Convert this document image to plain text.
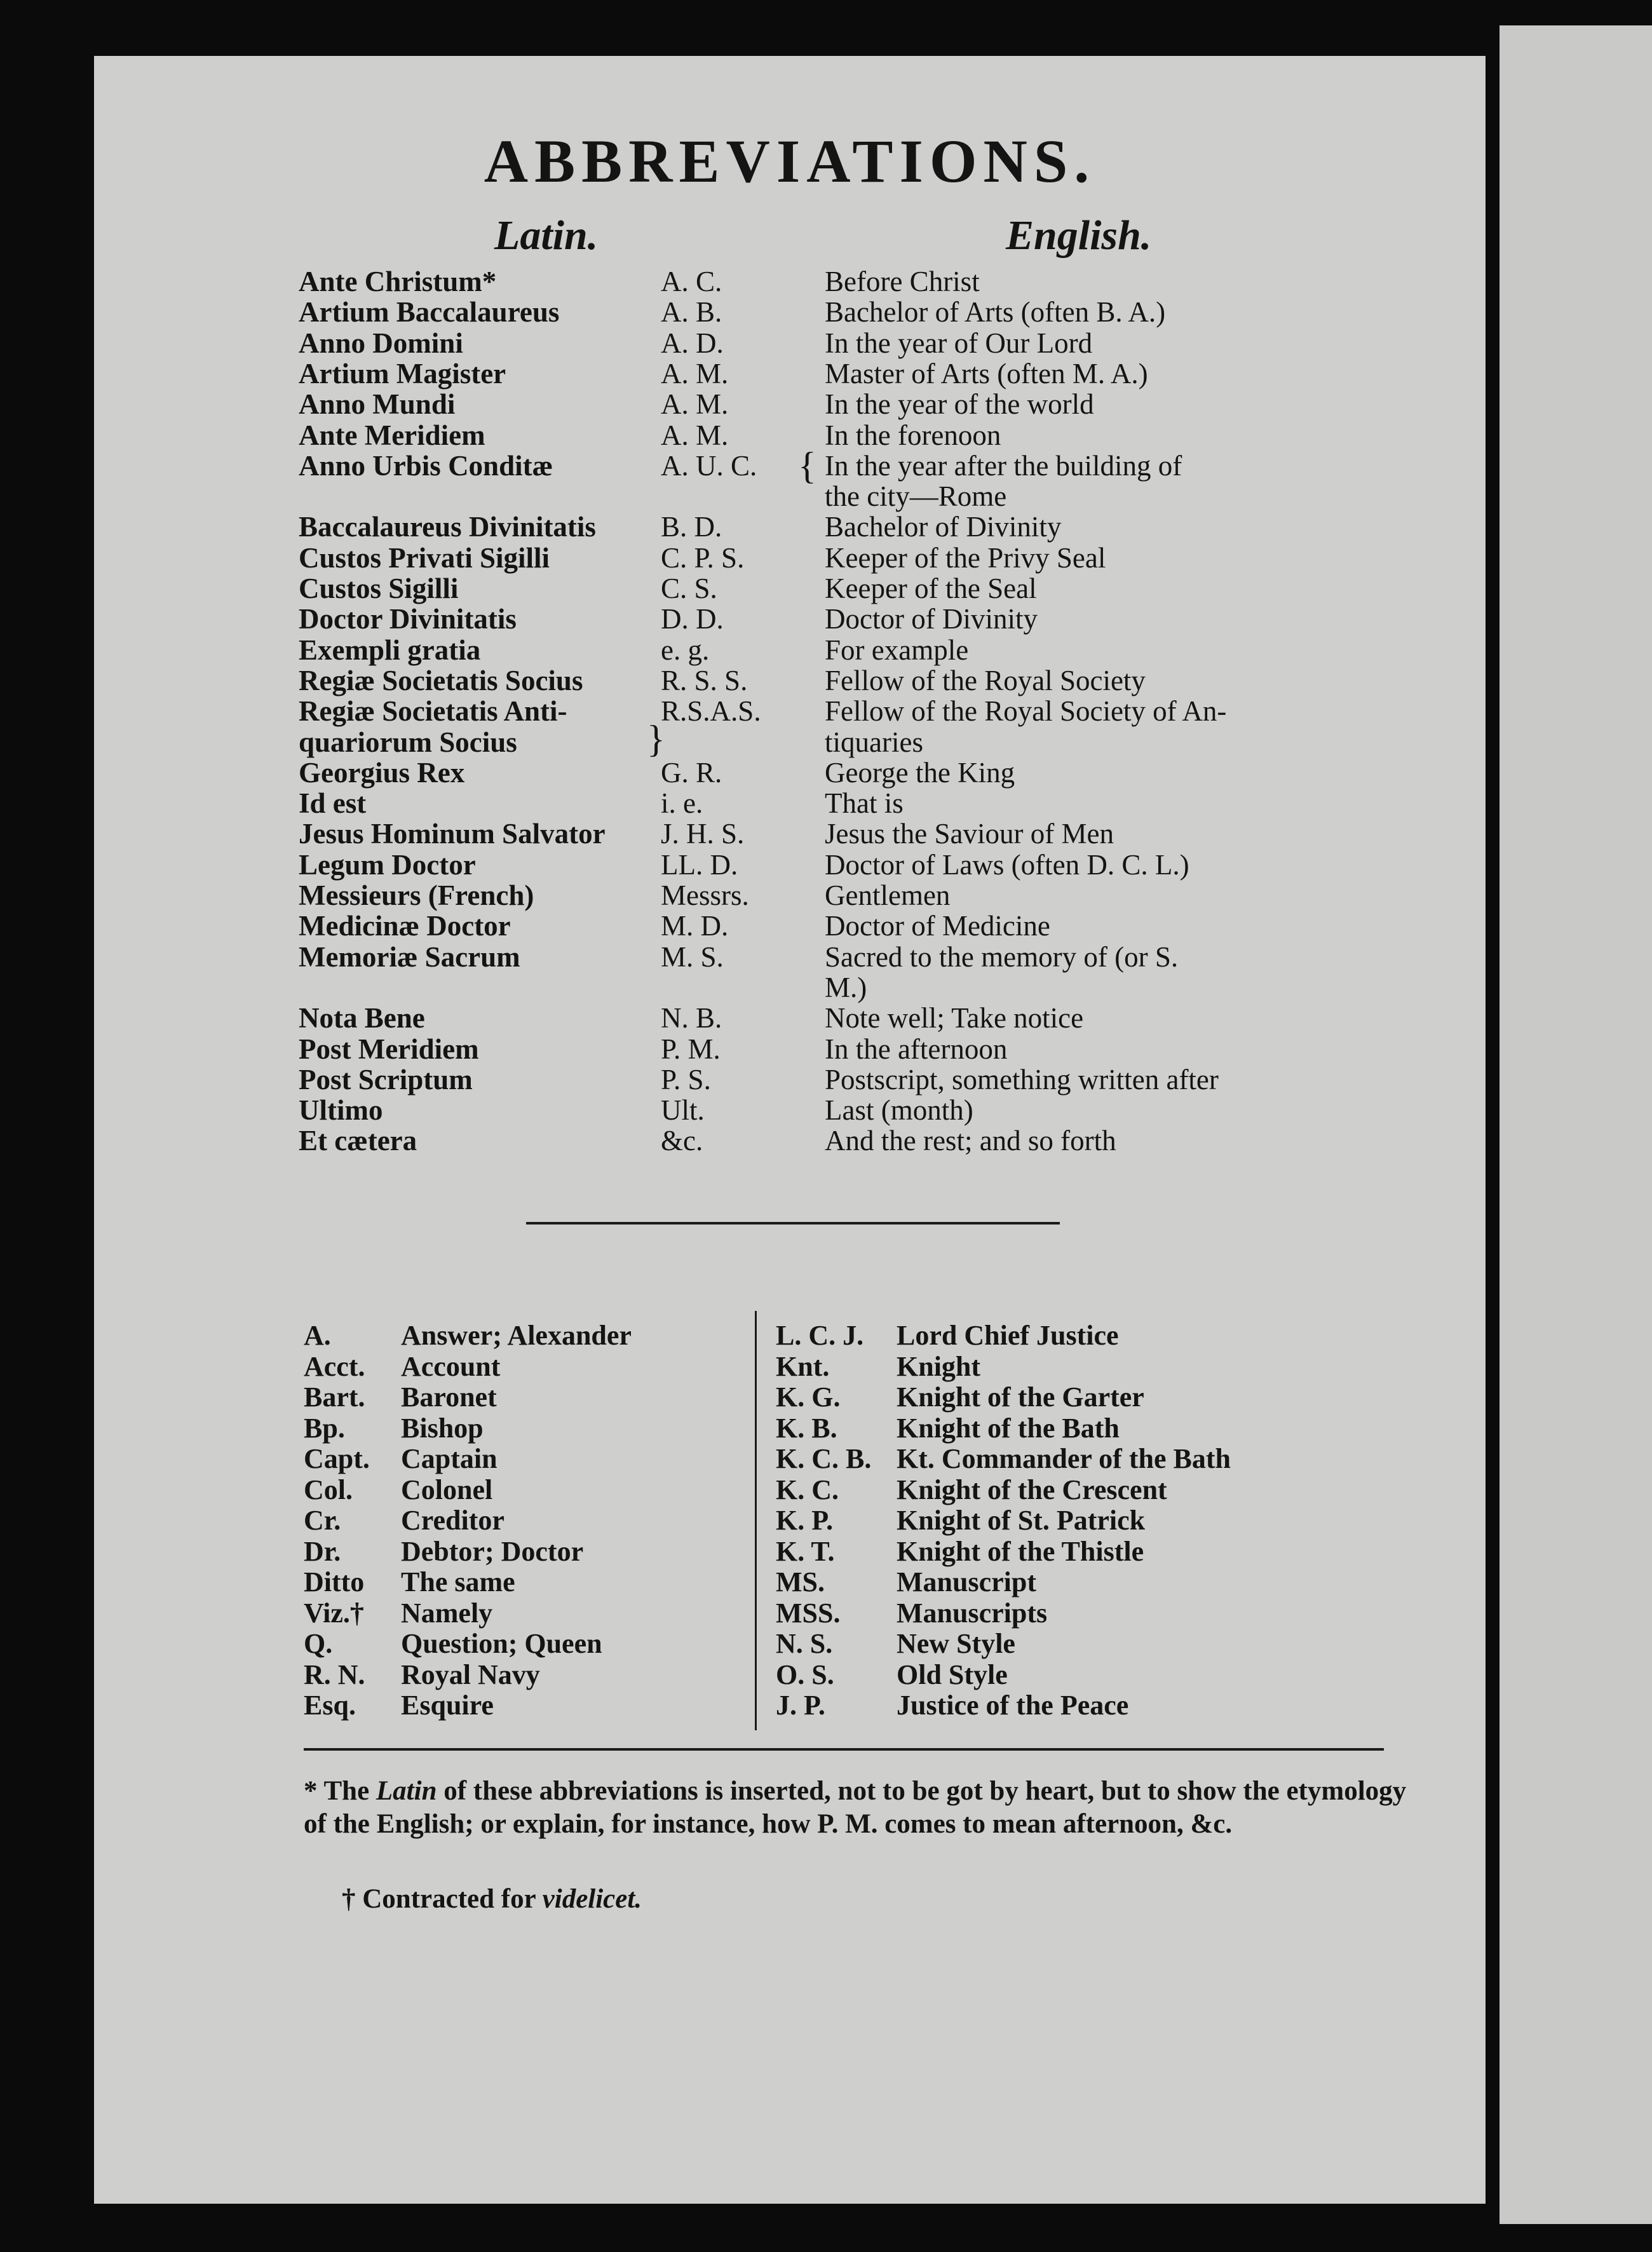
ABBREVIATIONS.
Latin.	English.
Ante Christum*	A. C.	Before Christ
Artium Baccalaureus	A. B.	Bachelor of Arts (often B. A.)
Anno Domini	A. D.	In the year of Our Lord
Artium Magister	A. M.	Master of Arts (often M. A.)
Anno Mundi	A. M.	In the year of the world
Ante Meridiem	A. M.	In the forenoon
Anno Urbis Conditæ	A. U. C. In the year after the building of
the city—Rome
Baccalaureus Divinitatis B. D.	Bachelor of Divinity
Custos Privati Sigilli	C. P. S.	Keeper of the Privy Seal
Custos Sigilli	C. S.	Keeper of the Seal
Doctor Divinitatis	D. D.	Doctor of Divinity
Exempli gratia	e. g.	For example
Regiæ Societatis Socius	R. S. S.	Fellow of the Royal Society
Regiæ Societatis Anti-	R.S.A.S. Fellow of the Royal Society of An-
quariorum Socius	tiquaries
Georgius Rex	G. R.	George the King
Id est	i. e.	That is
Jesus Hominum Salvator J. H. S.	Jesus the Saviour of Men
Legum Doctor	LL. D.	Doctor of Laws (often D. C. L.)
Messieurs (French)	Messrs.	Gentlemen
Medicinæ Doctor	M. D.	Doctor of Medicine
Memoriæ Sacrum	M. S.	Sacred to the memory of (or S.
M.)
Nota Bene	N. B.	Note well; Take notice
Post Meridiem	P. M.	In the afternoon
Post Scriptum	P. S.	Postscript, something written after
Ultimo	Ult.	Last (month)
Et cætera	&c.	And the rest; and so forth
{
}
A.	Answer; Alexander
Acct. Account
Bart. Baronet
Bp. Bishop
Capt. Captain
Col. Colonel
Cr. Creditor
Dr. Debtor; Doctor
Ditto The same
Viz.† Namely
Q. Question; Queen
R. N. Royal Navy
Esq. Esquire
L. C. J. Lord Chief Justice
Knt. Knight
K. G. Knight of the Garter
K. B. Knight of the Bath
K. C. B. Kt. Commander of the Bath
K. C. Knight of the Crescent
K. P. Knight of St. Patrick
K. T. Knight of the Thistle
MS.	Manuscript
MSS. Manuscripts
N. S. New Style
O. S. Old Style
J. P.	Justice of the Peace
* The Latin of these abbreviations is inserted, not to be got by heart, but to show the etymology of the English; or explain, for instance, how P. M. comes to mean afternoon, &c.
† Contracted for videlicet.
